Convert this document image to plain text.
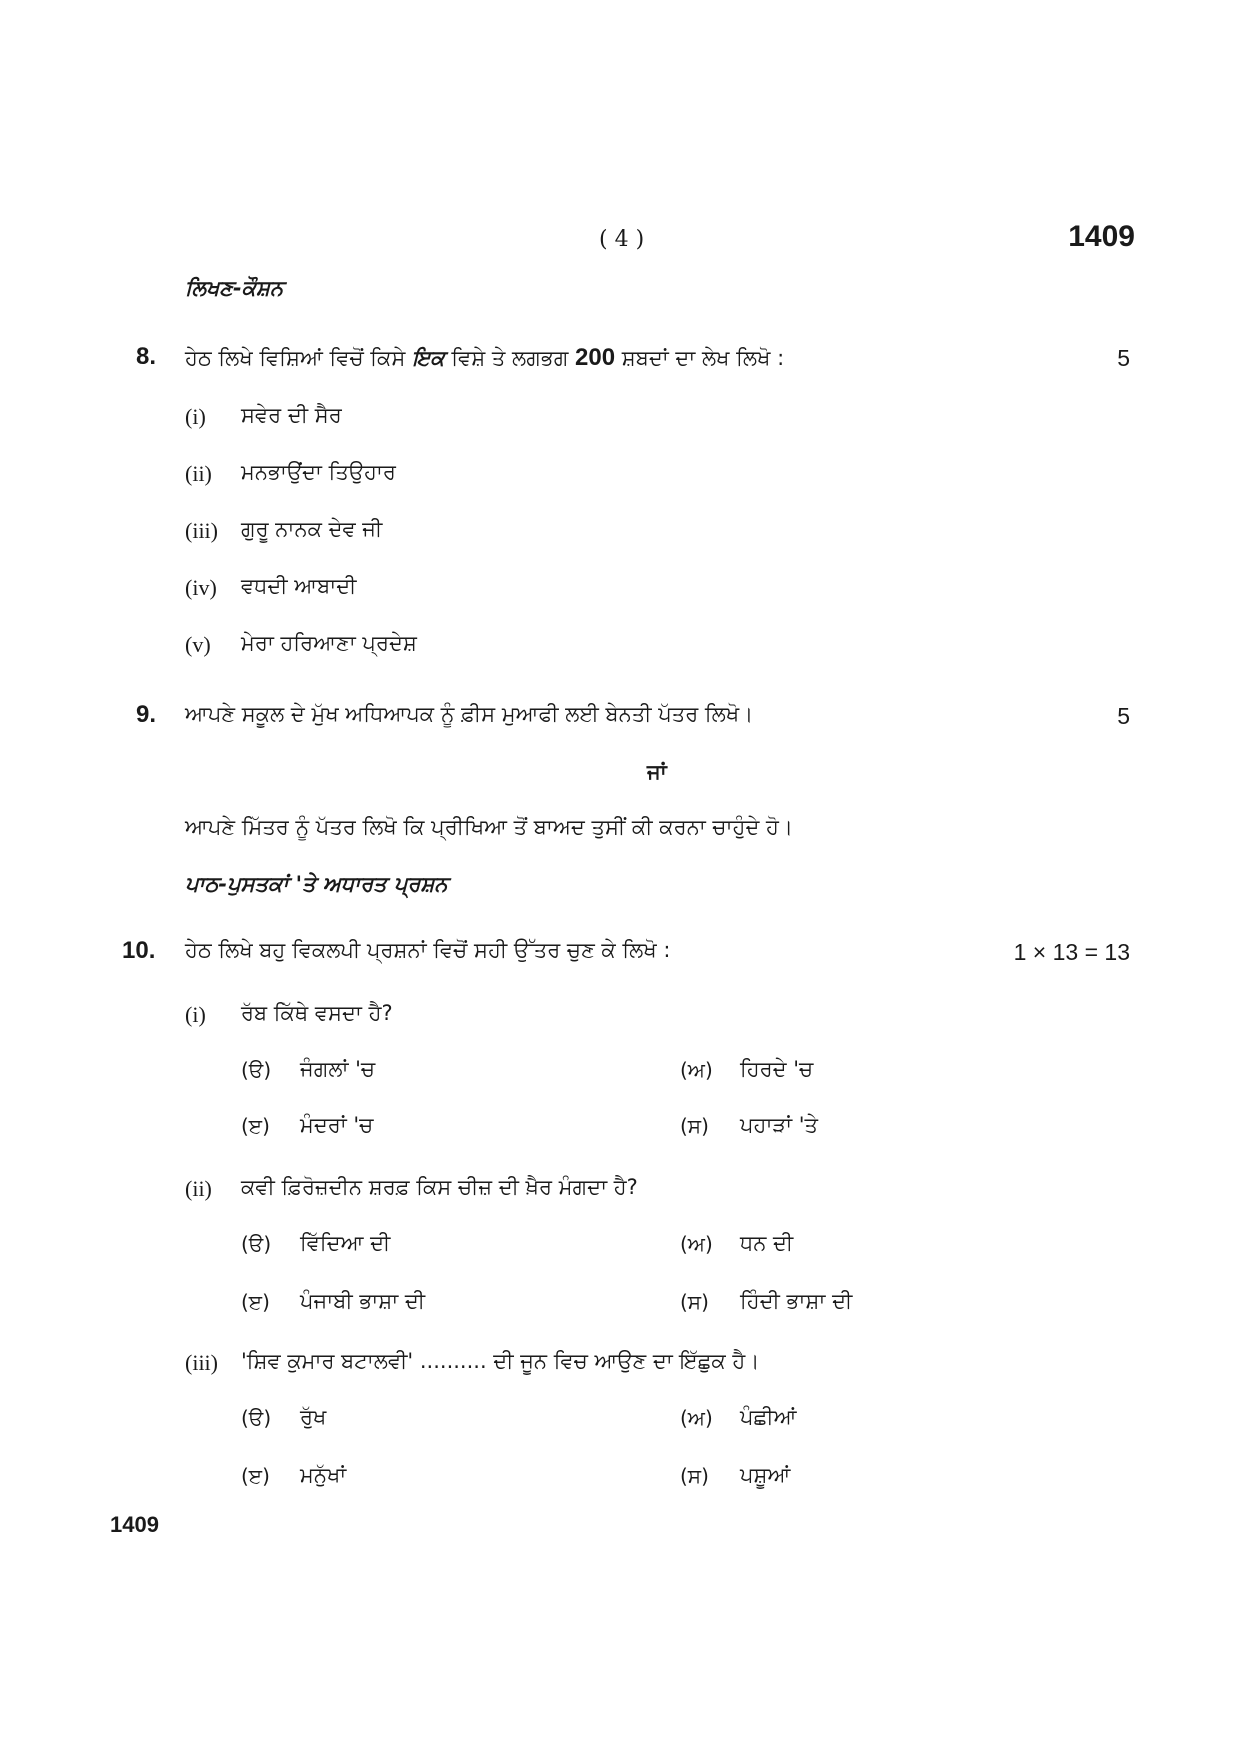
( 4 )	1409
ਲਿਖਣ-ਕੌਸ਼ਨ
8. ਹੇਠ ਲਿਖੇ ਵਿਸ਼ਿਆਂ ਵਿਚੋਂ ਕਿਸੇ ਇਕ ਵਿਸ਼ੇ ਤੇ ਲਗਭਗ 200 ਸ਼ਬਦਾਂ ਦਾ ਲੇਖ ਲਿਖੋ :	5
(i) ਸਵੇਰ ਦੀ ਸੈਰ
(ii) ਮਨਭਾਉਂਦਾ ਤਿਉਹਾਰ
(iii) ਗੁਰੂ ਨਾਨਕ ਦੇਵ ਜੀ
(iv) ਵਧਦੀ ਆਬਾਦੀ
(v) ਮੇਰਾ ਹਰਿਆਣਾ ਪ੍ਰਦੇਸ਼
9. ਆਪਣੇ ਸਕੂਲ ਦੇ ਮੁੱਖ ਅਧਿਆਪਕ ਨੂੰ ਫ਼ੀਸ ਮੁਆਫੀ ਲਈ ਬੇਨਤੀ ਪੱਤਰ ਲਿਖੋ।	5
ਜਾਂ
ਆਪਣੇ ਮਿੱਤਰ ਨੂੰ ਪੱਤਰ ਲਿਖੋ ਕਿ ਪ੍ਰੀਖਿਆ ਤੋਂ ਬਾਅਦ ਤੁਸੀਂ ਕੀ ਕਰਨਾ ਚਾਹੁੰਦੇ ਹੋ।
ਪਾਠ-ਪੁਸਤਕਾਂ 'ਤੇ ਅਧਾਰਤ ਪ੍ਰਸ਼ਨ
10. ਹੇਠ ਲਿਖੇ ਬਹੁ ਵਿਕਲਪੀ ਪ੍ਰਸ਼ਨਾਂ ਵਿਚੋਂ ਸਹੀ ਉੱਤਰ ਚੁਣ ਕੇ ਲਿਖੋ :	1 × 13 = 13
(i) ਰੱਬ ਕਿੱਥੇ ਵਸਦਾ ਹੈ?
(ੳ) ਜੰਗਲਾਂ 'ਚ	(ਅ) ਹਿਰਦੇ 'ਚ
(ੲ) ਮੰਦਰਾਂ 'ਚ	(ਸ) ਪਹਾੜਾਂ 'ਤੇ
(ii) ਕਵੀ ਫ਼ਿਰੋਜ਼ਦੀਨ ਸ਼ਰਫ਼ ਕਿਸ ਚੀਜ਼ ਦੀ ਖ਼ੈਰ ਮੰਗਦਾ ਹੈ?
(ੳ) ਵਿੱਦਿਆ ਦੀ	(ਅ) ਧਨ ਦੀ
(ੲ) ਪੰਜਾਬੀ ਭਾਸ਼ਾ ਦੀ	(ਸ) ਹਿੰਦੀ ਭਾਸ਼ਾ ਦੀ
(iii) 'ਸ਼ਿਵ ਕੁਮਾਰ ਬਟਾਲਵੀ' .......... ਦੀ ਜੂਨ ਵਿਚ ਆਉਣ ਦਾ ਇੱਛੁਕ ਹੈ।
(ੳ) ਰੁੱਖ	(ਅ) ਪੰਛੀਆਂ
(ੲ) ਮਨੁੱਖਾਂ	(ਸ) ਪਸ਼ੂਆਂ
1409
